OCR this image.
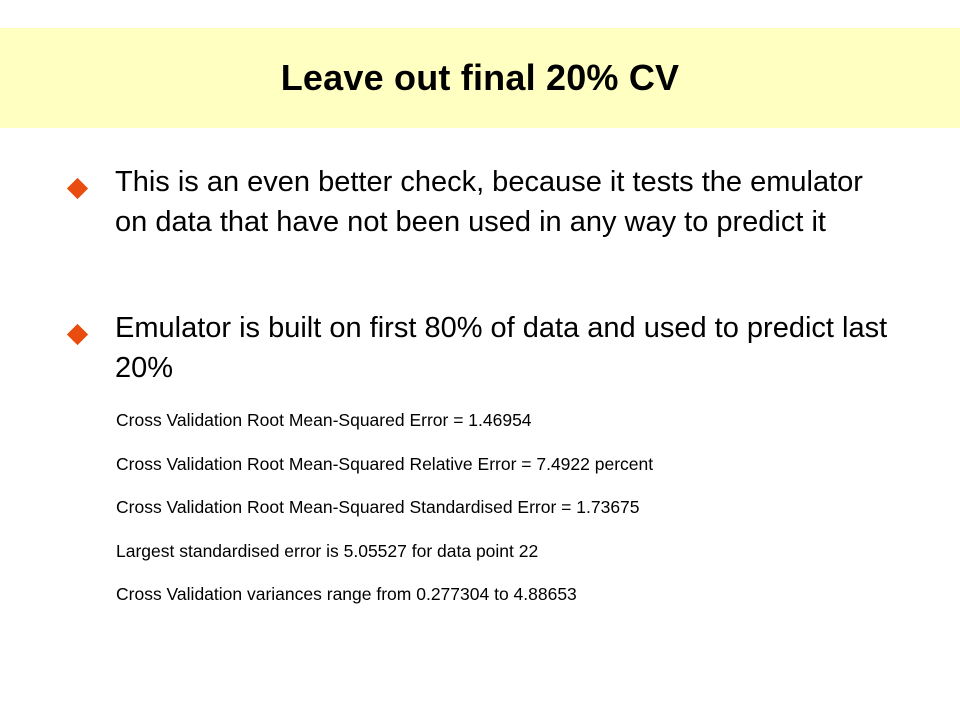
Leave out final 20% CV
This is an even better check, because it tests the emulator on data that have not been used in any way to predict it
Emulator is built on first 80% of data and used to predict last 20%
Cross Validation Root Mean-Squared Error = 1.46954
Cross Validation Root Mean-Squared Relative Error = 7.4922 percent
Cross Validation Root Mean-Squared Standardised Error = 1.73675
Largest standardised error is 5.05527 for data point 22
Cross Validation variances range from 0.277304 to 4.88653
